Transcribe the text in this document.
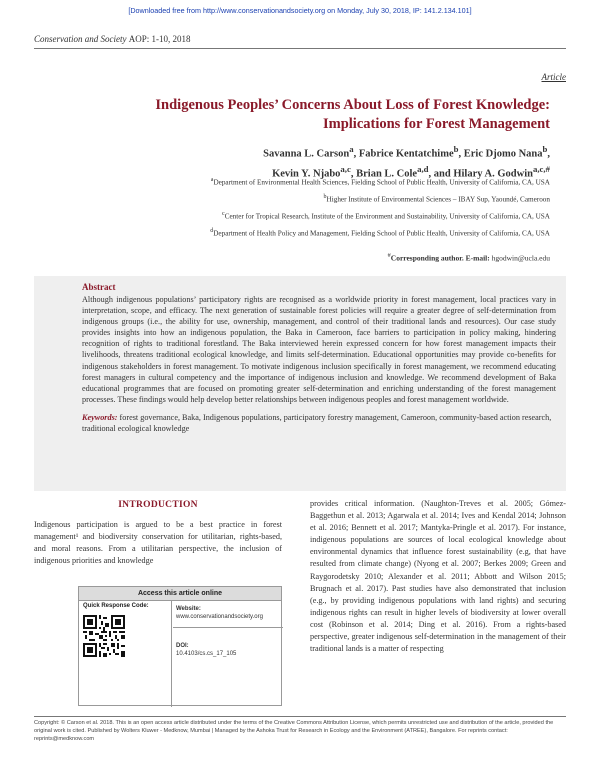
[Downloaded free from http://www.conservationandsociety.org on Monday, July 30, 2018, IP: 141.2.134.101]
Conservation and Society AOP: 1-10, 2018
Article
Indigenous Peoples’ Concerns About Loss of Forest Knowledge:
Implications for Forest Management
Savanna L. Carson$^a$, Fabrice Kentatchime$^b$, Eric Djomo Nana$^b$,
Kevin Y. Njabo$^{a,c}$, Brian L. Cole$^{a,d}$, and Hilary A. Godwin$^{a,c,\#}$
$^a$Department of Environmental Health Sciences, Fielding School of Public Health, University of California, CA, USA
$^b$Higher Institute of Environmental Sciences – IBAY Sup, Yaoundé, Cameroon
$^c$Center for Tropical Research, Institute of the Environment and Sustainability, University of California, CA, USA
$^d$Department of Health Policy and Management, Fielding School of Public Health, University of California, CA, USA
#Corresponding author. E-mail: hgodwin@ucla.edu
Abstract
Although indigenous populations’ participatory rights are recognised as a worldwide priority in forest management, local practices vary in interpretation, scope, and efficacy. The next generation of sustainable forest policies will require a greater degree of self-determination from indigenous groups (i.e., the ability for use, ownership, management, and control of their traditional lands and resources). Our case study provides insights into how an indigenous population, the Baka in Cameroon, face barriers to participation in policy making, hindering recognition of rights to traditional forestland. The Baka interviewed herein expressed concern for how forest management impacts their livelihoods, threatens traditional ecological knowledge, and limits self-determination. Educational opportunities may provide co-benefits for indigenous stakeholders in forest management. To motivate indigenous inclusion specifically in forest management, we recommend educating forest managers in cultural competency and the importance of indigenous inclusion and knowledge. We recommend development of Baka educational programmes that are focused on promoting greater self-determination and enriching understanding of the forest management processes. These findings would help develop better relationships between indigenous peoples and forest management worldwide.
Keywords: forest governance, Baka, Indigenous populations, participatory forestry management, Cameroon, community-based action research, traditional ecological knowledge
INTRODUCTION
Indigenous participation is argued to be a best practice in forest management¹ and biodiversity conservation for utilitarian, rights-based, and moral reasons. From a utilitarian perspective, the inclusion of indigenous priorities and knowledge
provides critical information. (Naughton-Treves et al. 2005; Gómez-Baggethun et al. 2013; Agarwala et al. 2014; Ives and Kendal 2014; Johnson et al. 2016; Bennett et al. 2017; Mantyka-Pringle et al. 2017). For instance, indigenous populations are sources of local ecological knowledge about environmental dynamics that influence forest sustainability (e.g, that have resulted from climate change) (Nyong et al. 2007; Berkes 2009; Green and Raygorodetsky 2010; Alexander et al. 2011; Abbott and Wilson 2015; Brugnach et al. 2017). Past studies have also demonstrated that inclusion (e.g., by providing indigenous populations with land rights) and securing indigenous rights can result in higher levels of biodiversity at lower overall cost (Robinson et al. 2014; Ding et al. 2016). From a rights-based perspective, greater indigenous self-determination in the management of their traditional lands is a matter of respecting
Access this article online
Quick Response Code:	Website:
www.conservationandsociety.org
DOI:
10.4103/cs.cs_17_105
Copyright: © Carson et al. 2018. This is an open access article distributed under the terms of the Creative Commons Attribution License, which permits unrestricted use and distribution of the article, provided the original work is cited. Published by Wolters Kluwer - Medknow, Mumbai | Managed by the Ashoka Trust for Research in Ecology and the Environment (ATREE), Bangalore. For reprints contact: reprints@medknow.com
